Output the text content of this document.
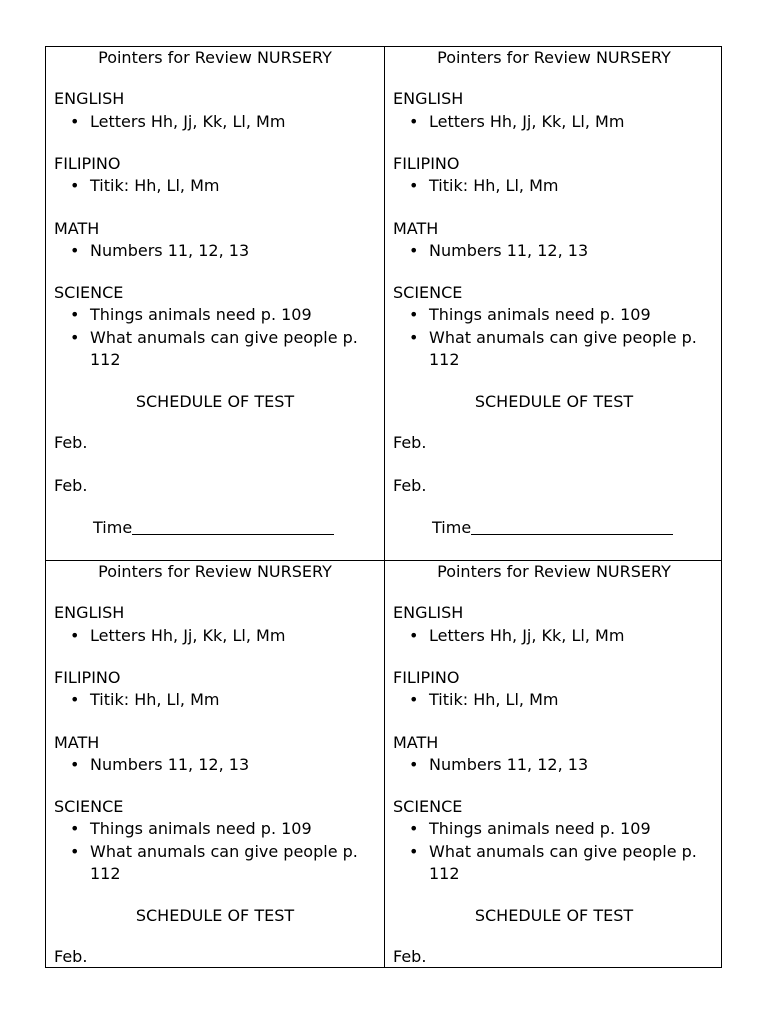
Pointers for Review NURSERY
ENGLISH
• Letters Hh, Jj, Kk, Ll, Mm
FILIPINO
• Titik: Hh, Ll, Mm
MATH
• Numbers 11, 12, 13
SCIENCE
• Things animals need p. 109
• What anumals can give people p. 112
SCHEDULE OF TEST
Feb.
Feb.
Time
Pointers for Review NURSERY
ENGLISH
• Letters Hh, Jj, Kk, Ll, Mm
FILIPINO
• Titik: Hh, Ll, Mm
MATH
• Numbers 11, 12, 13
SCIENCE
• Things animals need p. 109
• What anumals can give people p. 112
SCHEDULE OF TEST
Feb.
Feb.
Time
Pointers for Review NURSERY
ENGLISH
• Letters Hh, Jj, Kk, Ll, Mm
FILIPINO
• Titik: Hh, Ll, Mm
MATH
• Numbers 11, 12, 13
SCIENCE
• Things animals need p. 109
• What anumals can give people p. 112
SCHEDULE OF TEST
Feb.
Pointers for Review NURSERY
ENGLISH
• Letters Hh, Jj, Kk, Ll, Mm
FILIPINO
• Titik: Hh, Ll, Mm
MATH
• Numbers 11, 12, 13
SCIENCE
• Things animals need p. 109
• What anumals can give people p. 112
SCHEDULE OF TEST
Feb.
